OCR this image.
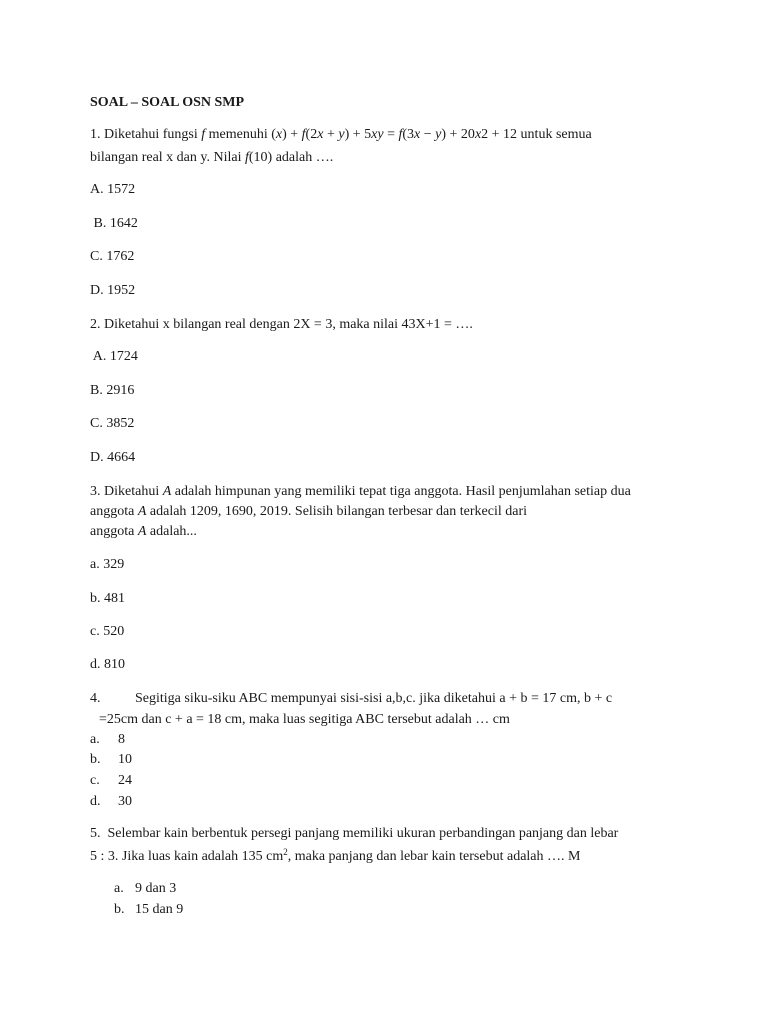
SOAL – SOAL OSN SMP
1. Diketahui fungsi f memenuhi (x) + f(2x + y) + 5xy = f(3x − y) + 20x2 + 12 untuk semua
bilangan real x dan y. Nilai f(10) adalah ….
A. 1572
B. 1642
C. 1762
D. 1952
2. Diketahui x bilangan real dengan 2X = 3, maka nilai 43X+1 = ….
A. 1724
B. 2916
C. 3852
D. 4664
3. Diketahui A adalah himpunan yang memiliki tepat tiga anggota. Hasil penjumlahan setiap dua
anggota A adalah 1209, 1690, 2019. Selisih bilangan terbesar dan terkecil dari
anggota A adalah...
a. 329
b. 481
c. 520
d. 810
4. Segitiga siku-siku ABC mempunyai sisi-sisi a,b,c. jika diketahui a + b = 17 cm, b + c
=25cm dan c + a = 18 cm, maka luas segitiga ABC tersebut adalah … cm
a. 8
b. 10
c. 24
d. 30
5.  Selembar kain berbentuk persegi panjang memiliki ukuran perbandingan panjang dan lebar
5 : 3. Jika luas kain adalah 135 $cm^2$, maka panjang dan lebar kain tersebut adalah …. M
a. 9 dan 3
b. 15 dan 9
